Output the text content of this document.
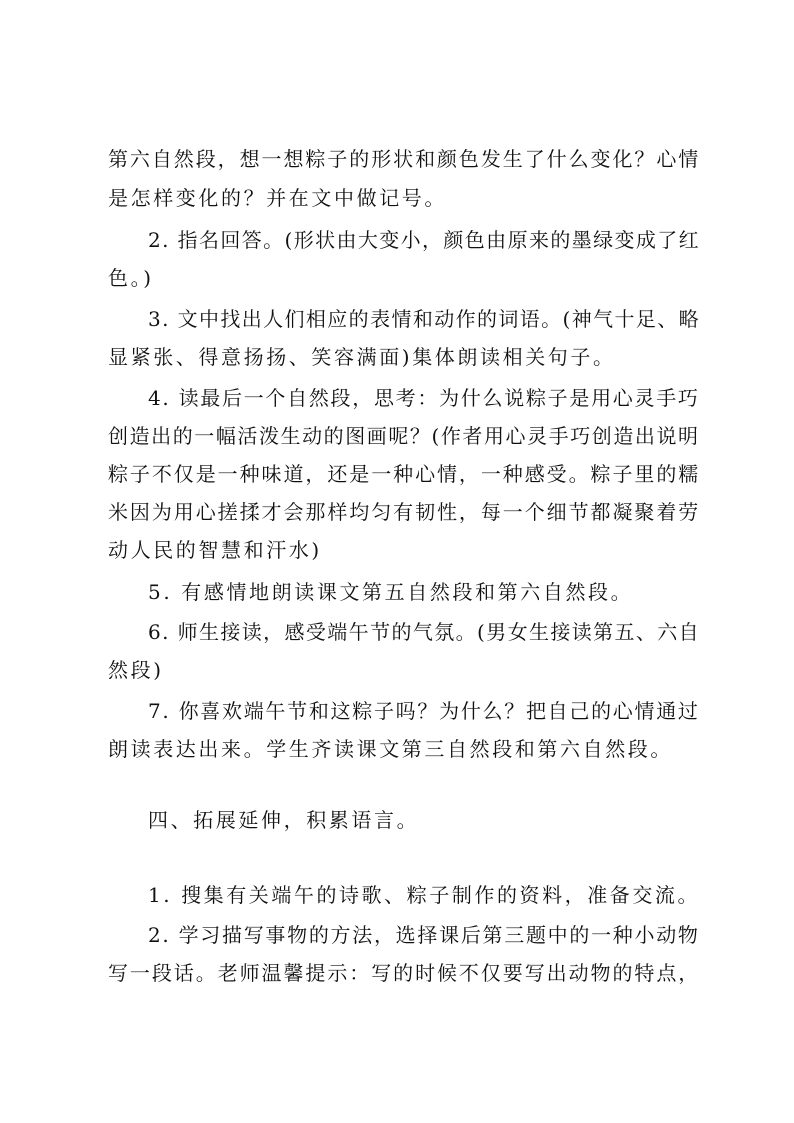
第六自然段，想一想粽子的形状和颜色发生了什么变化？心情
是怎样变化的？并在文中做记号。
2. 指名回答。(形状由大变小，颜色由原来的墨绿变成了红
色。)
3. 文中找出人们相应的表情和动作的词语。(神气十足、略
显紧张、得意扬扬、笑容满面)集体朗读相关句子。
4. 读最后一个自然段，思考：为什么说粽子是用心灵手巧
创造出的一幅活泼生动的图画呢？(作者用心灵手巧创造出说明
粽子不仅是一种味道，还是一种心情，一种感受。粽子里的糯
米因为用心搓揉才会那样均匀有韧性，每一个细节都凝聚着劳
动人民的智慧和汗水)
5. 有感情地朗读课文第五自然段和第六自然段。
6. 师生接读，感受端午节的气氛。(男女生接读第五、六自
然段)
7. 你喜欢端午节和这粽子吗？为什么？把自己的心情通过
朗读表达出来。学生齐读课文第三自然段和第六自然段。
四、拓展延伸，积累语言。
1. 搜集有关端午的诗歌、粽子制作的资料，准备交流。
2. 学习描写事物的方法，选择课后第三题中的一种小动物
写一段话。老师温馨提示：写的时候不仅要写出动物的特点，
